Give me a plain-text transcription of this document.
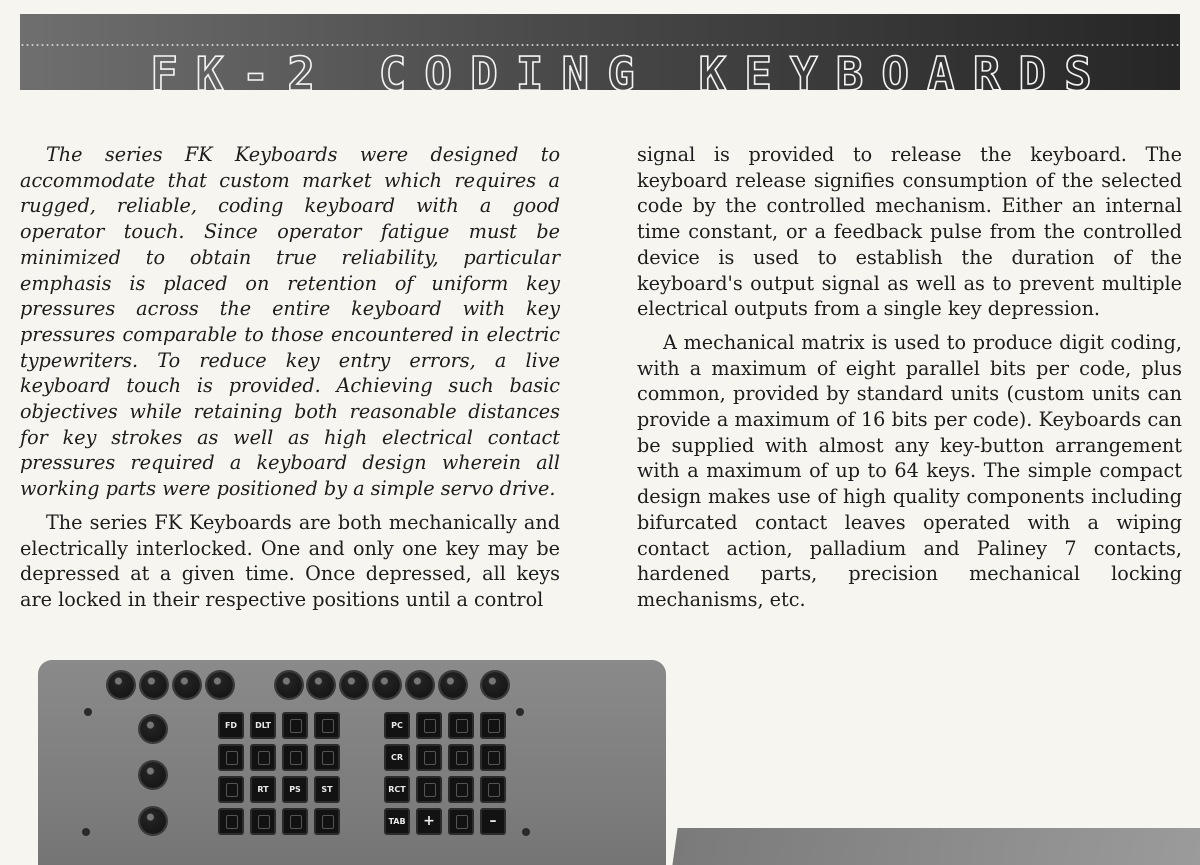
FK-2 CODING KEYBOARDS

The series FK Keyboards were designed to accommodate that custom market which requires a rugged, reliable, coding keyboard with a good operator touch. Since operator fatigue must be minimized to obtain true reliability, particular emphasis is placed on retention of uniform key pressures across the entire keyboard with key pressures comparable to those encountered in electric typewriters. To reduce key entry errors, a live keyboard touch is provided. Achieving such basic objectives while retaining both reasonable distances for key strokes as well as high electrical contact pressures required a keyboard design wherein all working parts were positioned by a simple servo drive.

The series FK Keyboards are both mechanically and electrically interlocked. One and only one key may be depressed at a given time. Once depressed, all keys are locked in their respective positions until a control

signal is provided to release the keyboard. The keyboard release signifies consumption of the selected code by the controlled mechanism. Either an internal time constant, or a feedback pulse from the controlled device is used to establish the duration of the keyboard's output signal as well as to prevent multiple electrical outputs from a single key depression.

A mechanical matrix is used to produce digit coding, with a maximum of eight parallel bits per code, plus common, provided by standard units (custom units can provide a maximum of 16 bits per code). Keyboards can be supplied with almost any key-button arrangement with a maximum of up to 64 keys. The simple compact design makes use of high quality components including bifurcated contact leaves operated with a wiping contact action, palladium and Paliney 7 contacts, hardened parts, precision mechanical locking mechanisms, etc.

FD	DLT
RT	PS	ST
PC
CR
RCT
TAB	+	–
